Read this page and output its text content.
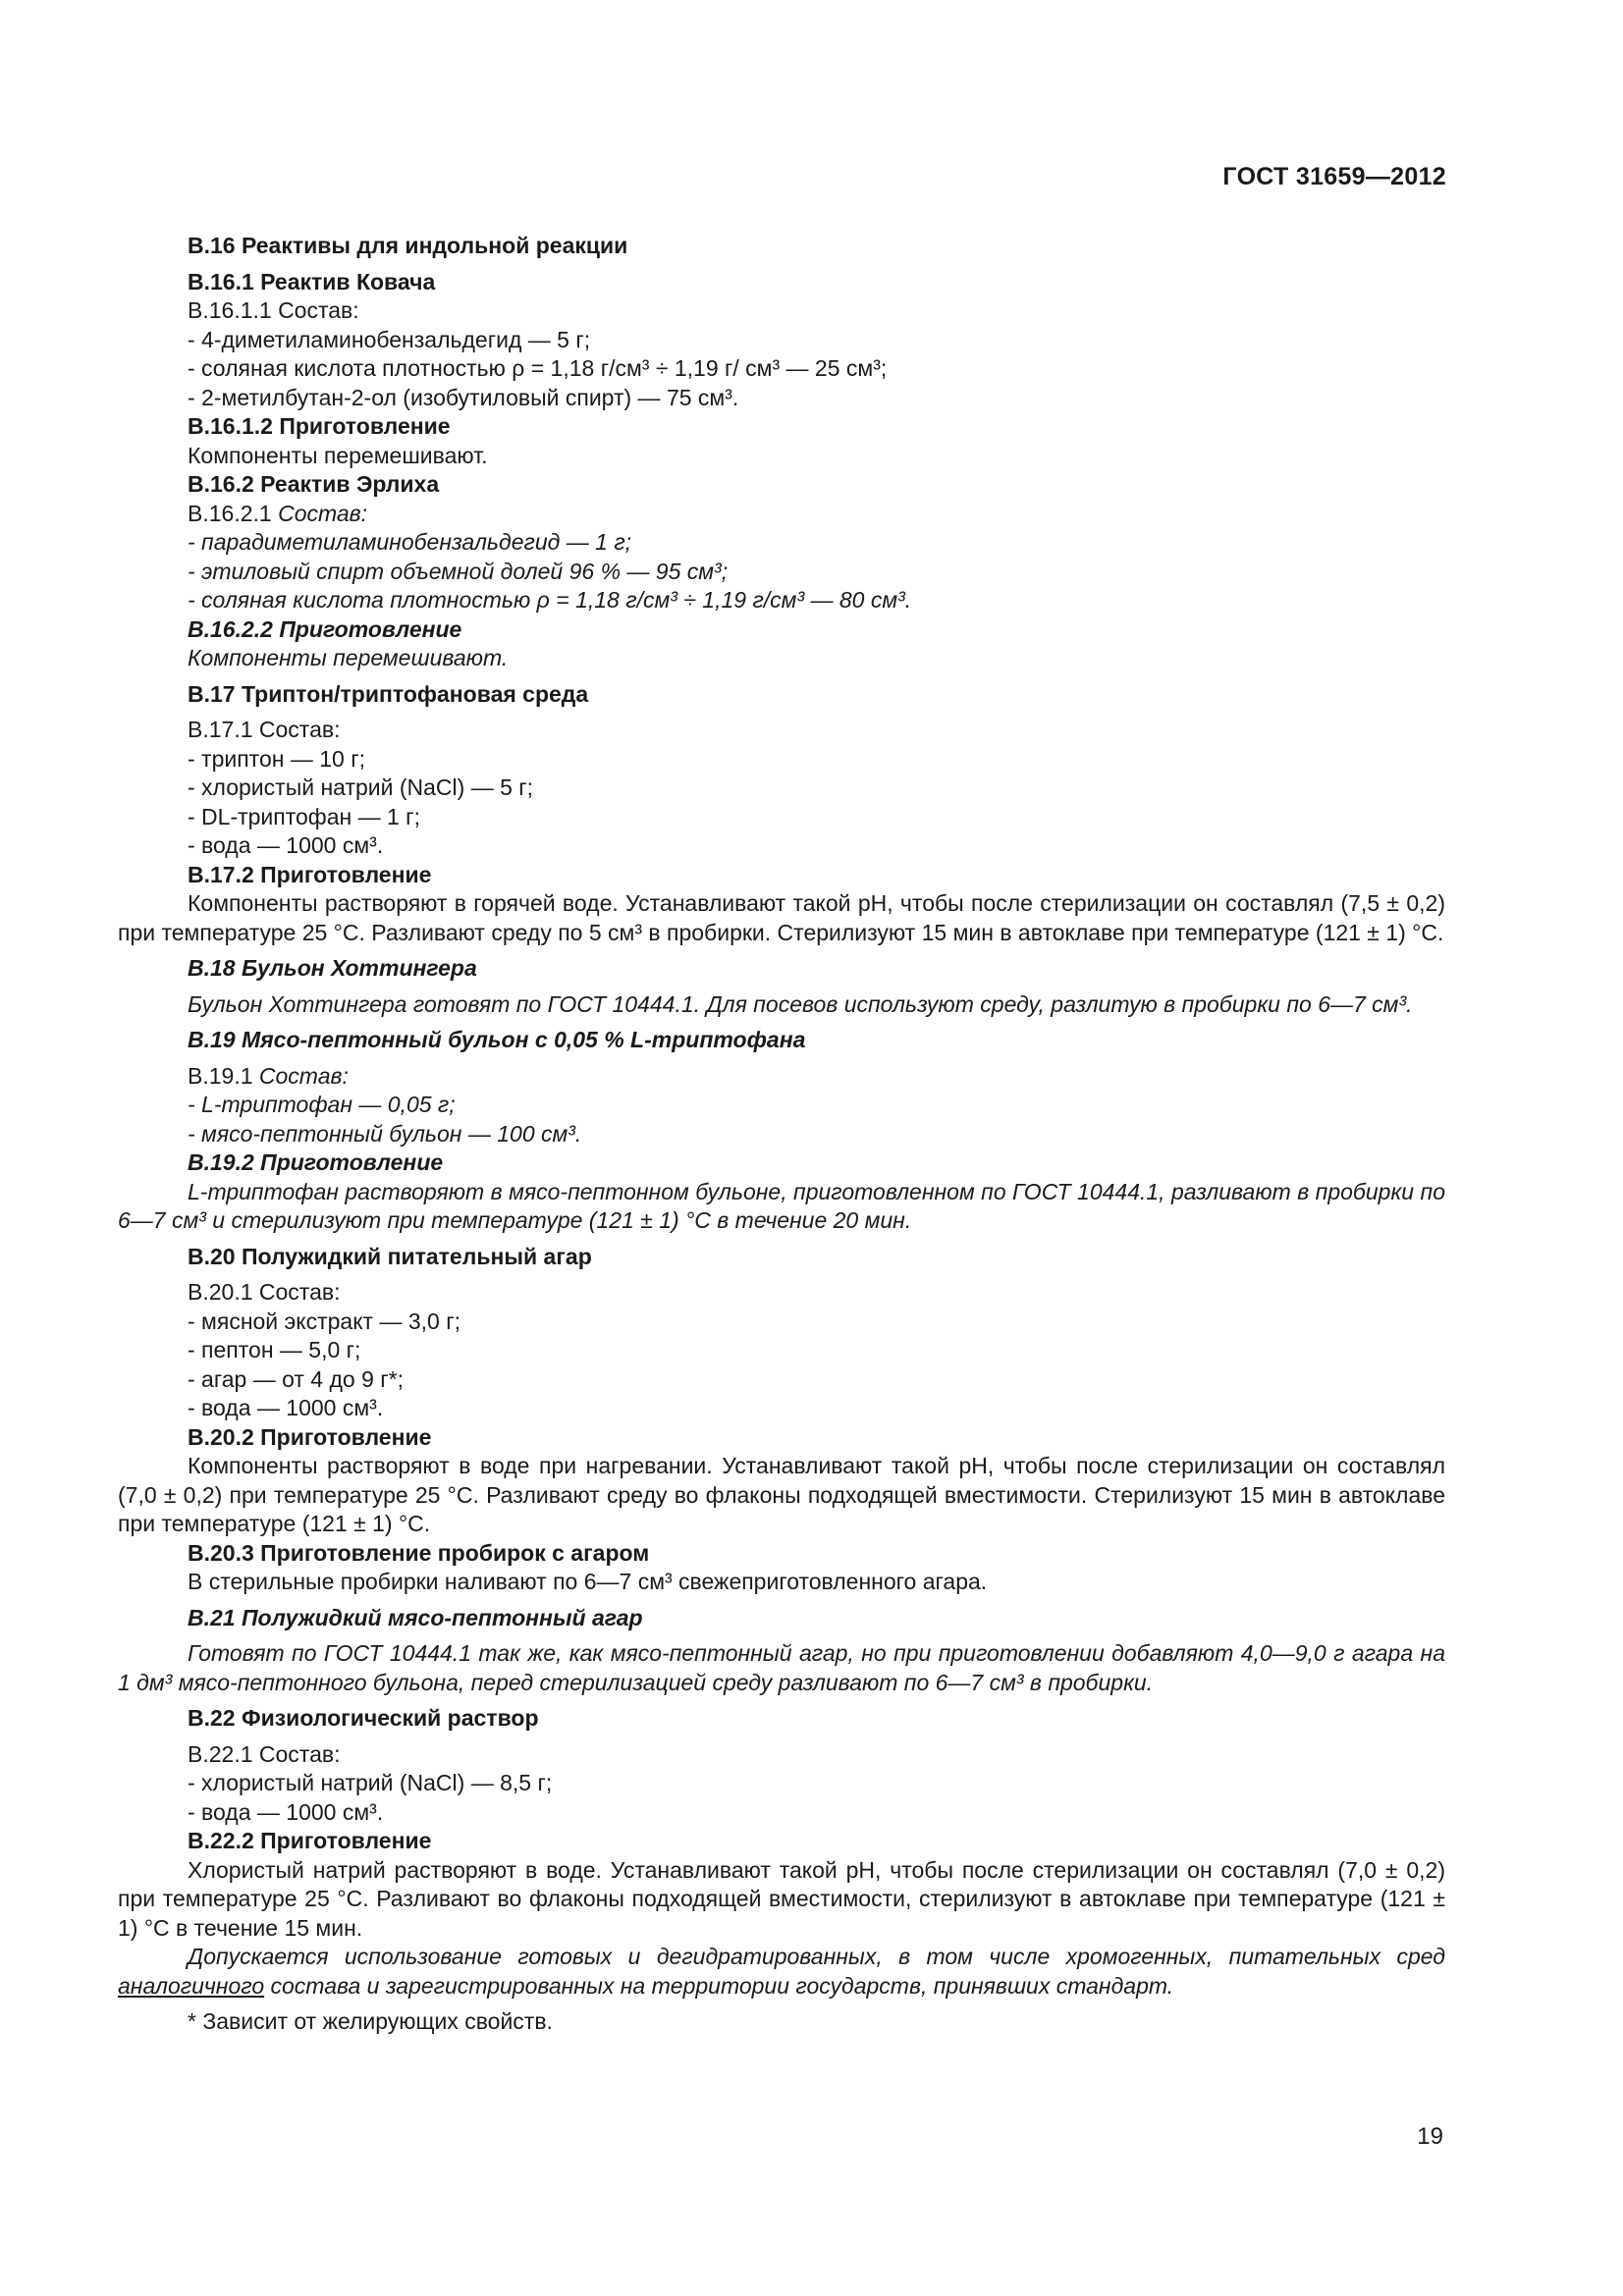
ГОСТ 31659—2012
В.16 Реактивы для индольной реакции
В.16.1 Реактив Ковача
В.16.1.1 Состав:
- 4-диметиламинобензальдегид — 5 г;
- соляная кислота плотностью ρ = 1,18 г/см³ ÷ 1,19 г/ см³ — 25 см³;
- 2-метилбутан-2-ол (изобутиловый спирт) — 75 см³.
В.16.1.2 Приготовление
Компоненты перемешивают.
В.16.2 Реактив Эрлиха
В.16.2.1 Состав:
- парадиметиламинобензальдегид — 1 г;
- этиловый спирт объемной долей 96 % — 95 см³;
- соляная кислота плотностью ρ = 1,18 г/см³ ÷ 1,19 г/см³ — 80 см³.
В.16.2.2 Приготовление
Компоненты перемешивают.
В.17 Триптон/триптофановая среда
В.17.1 Состав:
- триптон — 10 г;
- хлористый натрий (NaCl) — 5 г;
- DL-триптофан — 1 г;
- вода — 1000 см³.
В.17.2 Приготовление
Компоненты растворяют в горячей воде. Устанавливают такой pH, чтобы после стерилизации он составлял (7,5 ± 0,2) при температуре 25 °С. Разливают среду по 5 см³ в пробирки. Стерилизуют 15 мин в автоклаве при температуре (121 ± 1) °С.
В.18 Бульон Хоттингера
Бульон Хоттингера готовят по ГОСТ 10444.1. Для посевов используют среду, разлитую в пробирки по 6—7 см³.
В.19 Мясо-пептонный бульон с 0,05 % L-триптофана
В.19.1 Состав:
- L-триптофан — 0,05 г;
- мясо-пептонный бульон — 100 см³.
В.19.2 Приготовление
L-триптофан растворяют в мясо-пептонном бульоне, приготовленном по ГОСТ 10444.1, разливают в пробирки по 6—7 см³ и стерилизуют при температуре (121 ± 1) °С в течение 20 мин.
В.20 Полужидкий питательный агар
В.20.1 Состав:
- мясной экстракт — 3,0 г;
- пептон — 5,0 г;
- агар — от 4 до 9 г*;
- вода — 1000 см³.
В.20.2 Приготовление
Компоненты растворяют в воде при нагревании. Устанавливают такой pH, чтобы после стерилизации он составлял (7,0 ± 0,2) при температуре 25 °С. Разливают среду во флаконы подходящей вместимости. Стерилизуют 15 мин в автоклаве при температуре (121 ± 1) °С.
В.20.3 Приготовление пробирок с агаром
В стерильные пробирки наливают по 6—7 см³ свежеприготовленного агара.
В.21 Полужидкий мясо-пептонный агар
Готовят по ГОСТ 10444.1 так же, как мясо-пептонный агар, но при приготовлении добавляют 4,0—9,0 г агара на 1 дм³ мясо-пептонного бульона, перед стерилизацией среду разливают по 6—7 см³ в пробирки.
В.22 Физиологический раствор
В.22.1 Состав:
- хлористый натрий (NaCl) — 8,5 г;
- вода — 1000 см³.
В.22.2 Приготовление
Хлористый натрий растворяют в воде. Устанавливают такой pH, чтобы после стерилизации он составлял (7,0 ± 0,2) при температуре 25 °С. Разливают во флаконы подходящей вместимости, стерилизуют в автоклаве при температуре (121 ± 1) °С в течение 15 мин.
Допускается использование готовых и дегидратированных, в том числе хромогенных, питательных сред аналогичного состава и зарегистрированных на территории государств, принявших стандарт.
* Зависит от желирующих свойств.
19
